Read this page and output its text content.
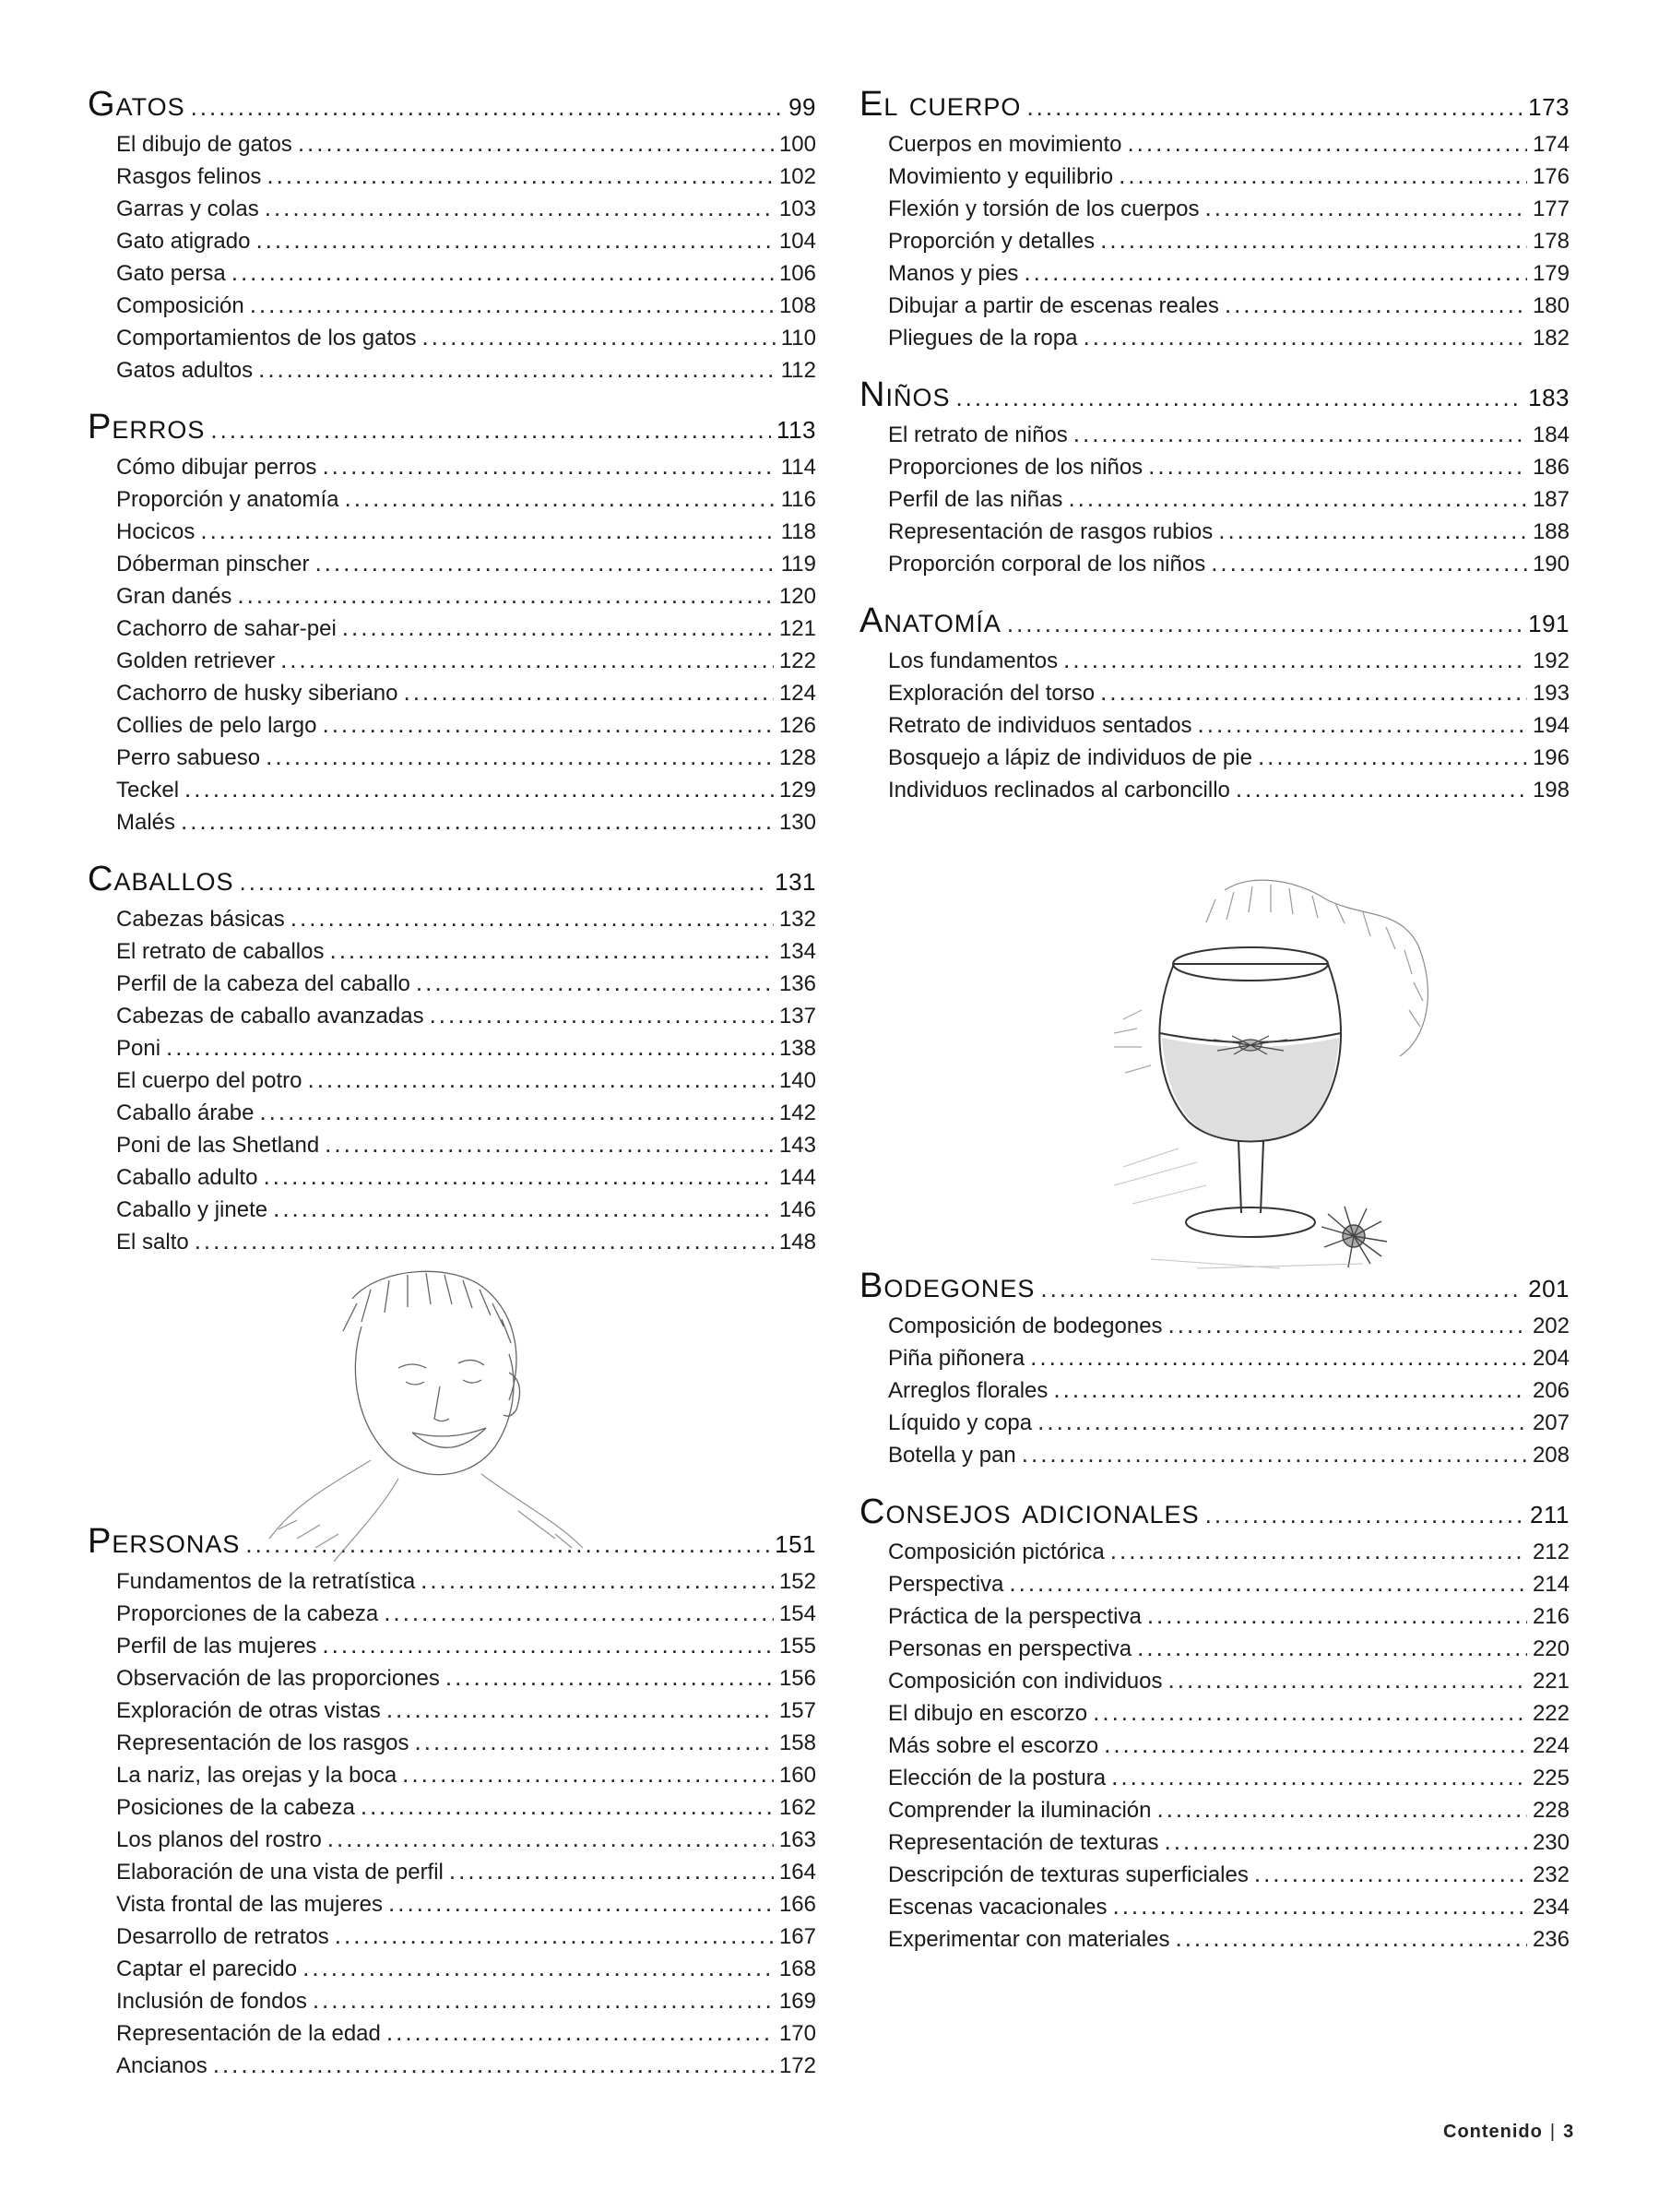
Gatos .....	99
El dibujo de gatos .....	100
Rasgos felinos .....	102
Garras y colas .....	103
Gato atigrado .....	104
Gato persa .....	106
Composición .....	108
Comportamientos de los gatos .....	110
Gatos adultos .....	112
Perros .....	113
Cómo dibujar perros .....	114
Proporción y anatomía .....	116
Hocicos .....	118
Dóberman pinscher .....	119
Gran danés .....	120
Cachorro de sahar-pei .....	121
Golden retriever .....	122
Cachorro de husky siberiano .....	124
Collies de pelo largo .....	126
Perro sabueso .....	128
Teckel .....	129
Malés .....	130
Caballos .....	131
Cabezas básicas .....	132
El retrato de caballos .....	134
Perfil de la cabeza del caballo .....	136
Cabezas de caballo avanzadas .....	137
Poni .....	138
El cuerpo del potro .....	140
Caballo árabe .....	142
Poni de las Shetland .....	143
Caballo adulto .....	144
Caballo y jinete .....	146
El salto .....	148
Personas .....	151
Fundamentos de la retratística .....	152
Proporciones de la cabeza .....	154
Perfil de las mujeres .....	155
Observación de las proporciones .....	156
Exploración de otras vistas .....	157
Representación de los rasgos .....	158
La nariz, las orejas y la boca .....	160
Posiciones de la cabeza .....	162
Los planos del rostro .....	163
Elaboración de una vista de perfil .....	164
Vista frontal de las mujeres .....	166
Desarrollo de retratos .....	167
Captar el parecido .....	168
Inclusión de fondos .....	169
Representación de la edad .....	170
Ancianos .....	172
El cuerpo .....	173
Cuerpos en movimiento .....	174
Movimiento y equilibrio .....	176
Flexión y torsión de los cuerpos .....	177
Proporción y detalles .....	178
Manos y pies .....	179
Dibujar a partir de escenas reales .....	180
Pliegues de la ropa .....	182
Niños .....	183
El retrato de niños .....	184
Proporciones de los niños .....	186
Perfil de las niñas .....	187
Representación de rasgos rubios .....	188
Proporción corporal de los niños .....	190
Anatomía .....	191
Los fundamentos .....	192
Exploración del torso .....	193
Retrato de individuos sentados .....	194
Bosquejo a lápiz de individuos de pie .....	196
Individuos reclinados al carboncillo .....	198
Bodegones .....	201
Composición de bodegones .....	202
Piña piñonera .....	204
Arreglos florales .....	206
Líquido y copa .....	207
Botella y pan .....	208
Consejos adicionales .....	211
Composición pictórica .....	212
Perspectiva .....	214
Práctica de la perspectiva .....	216
Personas en perspectiva .....	220
Composición con individuos .....	221
El dibujo en escorzo .....	222
Más sobre el escorzo .....	224
Elección de la postura .....	225
Comprender la iluminación .....	228
Representación de texturas .....	230
Descripción de texturas superficiales .....	232
Escenas vacacionales .....	234
Experimentar con materiales .....	236
Contenido | 3
